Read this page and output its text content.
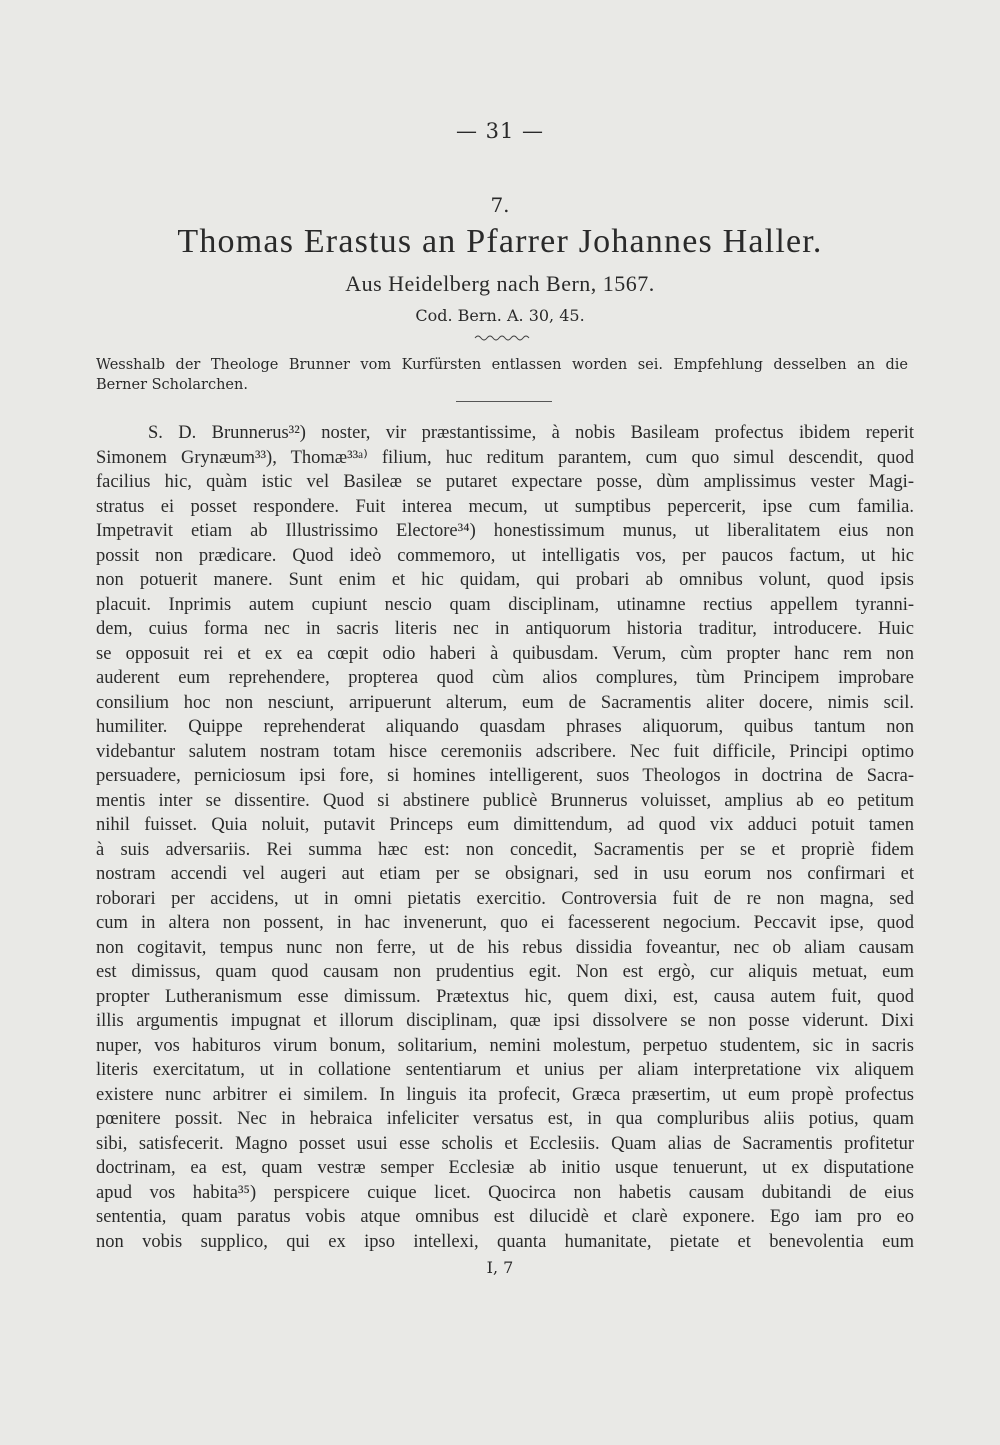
— 31 —
7.
Thomas Erastus an Pfarrer Johannes Haller.
Aus Heidelberg nach Bern, 1567.
Cod. Bern. A. 30, 45.
Wesshalb der Theologe Brunner vom Kurfürsten entlassen worden sei. Empfehlung desselben an die
Berner Scholarchen.
S. D. Brunnerus³²) noster, vir præstantissime, à nobis Basileam profectus ibidem reperit
Simonem Grynæum³³), Thomæ³³ᵃ⁾ filium, huc reditum parantem, cum quo simul descendit, quod
facilius hic, quàm istic vel Basileæ se putaret expectare posse, dùm amplissimus vester Magi-
stratus ei posset respondere. Fuit interea mecum, ut sumptibus pepercerit, ipse cum familia.
Impetravit etiam ab Illustrissimo Electore³⁴) honestissimum munus, ut liberalitatem eius non
possit non prædicare. Quod ideò commemoro, ut intelligatis vos, per paucos factum, ut hic
non potuerit manere. Sunt enim et hic quidam, qui probari ab omnibus volunt, quod ipsis
placuit. Inprimis autem cupiunt nescio quam disciplinam, utinamne rectius appellem tyranni-
dem, cuius forma nec in sacris literis nec in antiquorum historia traditur, introducere. Huic
se opposuit rei et ex ea cœpit odio haberi à quibusdam. Verum, cùm propter hanc rem non
auderent eum reprehendere, propterea quod cùm alios complures, tùm Principem improbare
consilium hoc non nesciunt, arripuerunt alterum, eum de Sacramentis aliter docere, nimis scil.
humiliter. Quippe reprehenderat aliquando quasdam phrases aliquorum, quibus tantum non
videbantur salutem nostram totam hisce ceremoniis adscribere. Nec fuit difficile, Principi optimo
persuadere, perniciosum ipsi fore, si homines intelligerent, suos Theologos in doctrina de Sacra-
mentis inter se dissentire. Quod si abstinere publicè Brunnerus voluisset, amplius ab eo petitum
nihil fuisset. Quia noluit, putavit Princeps eum dimittendum, ad quod vix adduci potuit tamen
à suis adversariis. Rei summa hæc est: non concedit, Sacramentis per se et propriè fidem
nostram accendi vel augeri aut etiam per se obsignari, sed in usu eorum nos confirmari et
roborari per accidens, ut in omni pietatis exercitio. Controversia fuit de re non magna, sed
cum in altera non possent, in hac invenerunt, quo ei facesserent negocium. Peccavit ipse, quod
non cogitavit, tempus nunc non ferre, ut de his rebus dissidia foveantur, nec ob aliam causam
est dimissus, quam quod causam non prudentius egit. Non est ergò, cur aliquis metuat, eum
propter Lutheranismum esse dimissum. Prætextus hic, quem dixi, est, causa autem fuit, quod
illis argumentis impugnat et illorum disciplinam, quæ ipsi dissolvere se non posse viderunt. Dixi
nuper, vos habituros virum bonum, solitarium, nemini molestum, perpetuo studentem, sic in sacris
literis exercitatum, ut in collatione sententiarum et unius per aliam interpretatione vix aliquem
existere nunc arbitrer ei similem. In linguis ita profecit, Græca præsertim, ut eum propè profectus
pœnitere possit. Nec in hebraica infeliciter versatus est, in qua compluribus aliis potius, quam
sibi, satisfecerit. Magno posset usui esse scholis et Ecclesiis. Quam alias de Sacramentis profitetur
doctrinam, ea est, quam vestræ semper Ecclesiæ ab initio usque tenuerunt, ut ex disputatione
apud vos habita³⁵) perspicere cuique licet. Quocirca non habetis causam dubitandi de eius
sententia, quam paratus vobis atque omnibus est dilucidè et clarè exponere. Ego iam pro eo
non vobis supplico, qui ex ipso intellexi, quanta humanitate, pietate et benevolentia eum
I, 7
